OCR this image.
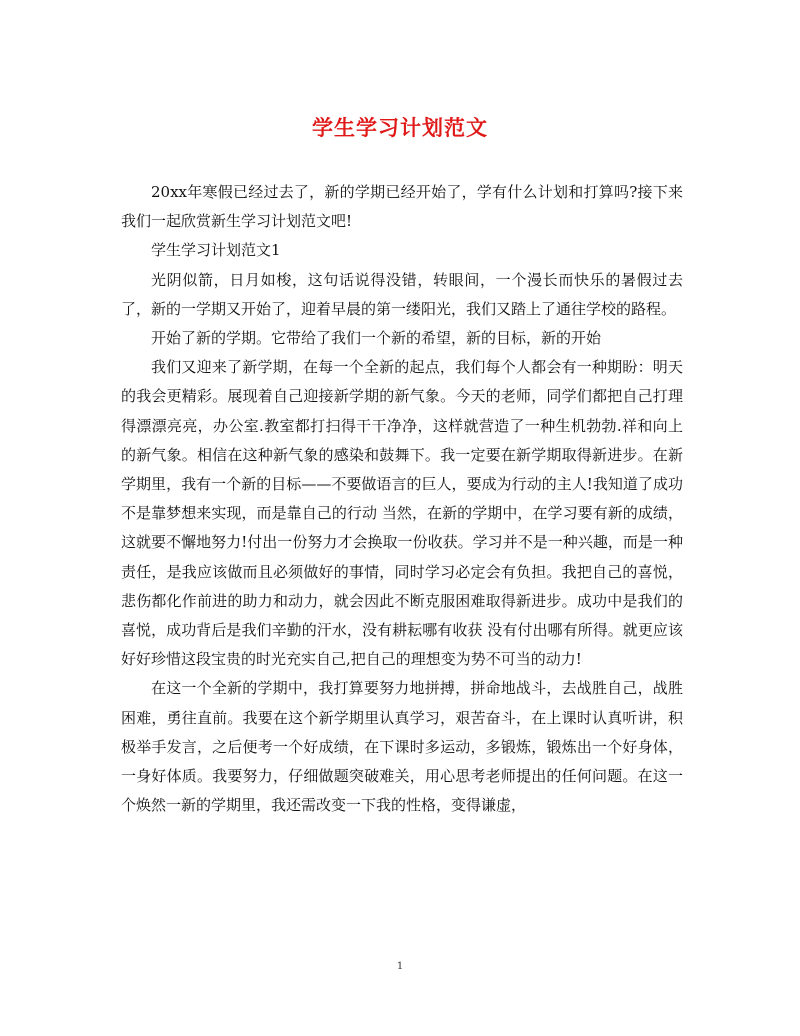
学生学习计划范文

20xx年寒假已经过去了，新的学期已经开始了，学有什么计划和打算吗?接下来我们一起欣赏新生学习计划范文吧!

学生学习计划范文1

光阴似箭，日月如梭，这句话说得没错，转眼间，一个漫长而快乐的暑假过去了，新的一学期又开始了，迎着早晨的第一缕阳光，我们又踏上了通往学校的路程。

开始了新的学期。它带给了我们一个新的希望，新的目标，新的开始

我们又迎来了新学期，在每一个全新的起点，我们每个人都会有一种期盼：明天的我会更精彩。展现着自己迎接新学期的新气象。今天的老师，同学们都把自己打理得漂漂亮亮，办公室.教室都打扫得干干净净，这样就营造了一种生机勃勃.祥和向上的新气象。相信在这种新气象的感染和鼓舞下。我一定要在新学期取得新进步。在新学期里，我有一个新的目标——不要做语言的巨人，要成为行动的主人!我知道了成功不是靠梦想来实现，而是靠自己的行动 当然，在新的学期中，在学习要有新的成绩，这就要不懈地努力!付出一份努力才会换取一份收获。学习并不是一种兴趣，而是一种责任，是我应该做而且必须做好的事情，同时学习必定会有负担。我把自己的喜悦，悲伤都化作前进的助力和动力，就会因此不断克服困难取得新进步。成功中是我们的喜悦，成功背后是我们辛勤的汗水，没有耕耘哪有收获 没有付出哪有所得。就更应该好好珍惜这段宝贵的时光充实自己,把自己的理想变为势不可当的动力!

在这一个全新的学期中，我打算要努力地拼搏，拼命地战斗，去战胜自己，战胜困难，勇往直前。我要在这个新学期里认真学习，艰苦奋斗，在上课时认真听讲，积极举手发言，之后便考一个好成绩，在下课时多运动，多锻炼，锻炼出一个好身体，一身好体质。我要努力，仔细做题突破难关，用心思考老师提出的任何问题。在这一个焕然一新的学期里，我还需改变一下我的性格，变得谦虚，

1
